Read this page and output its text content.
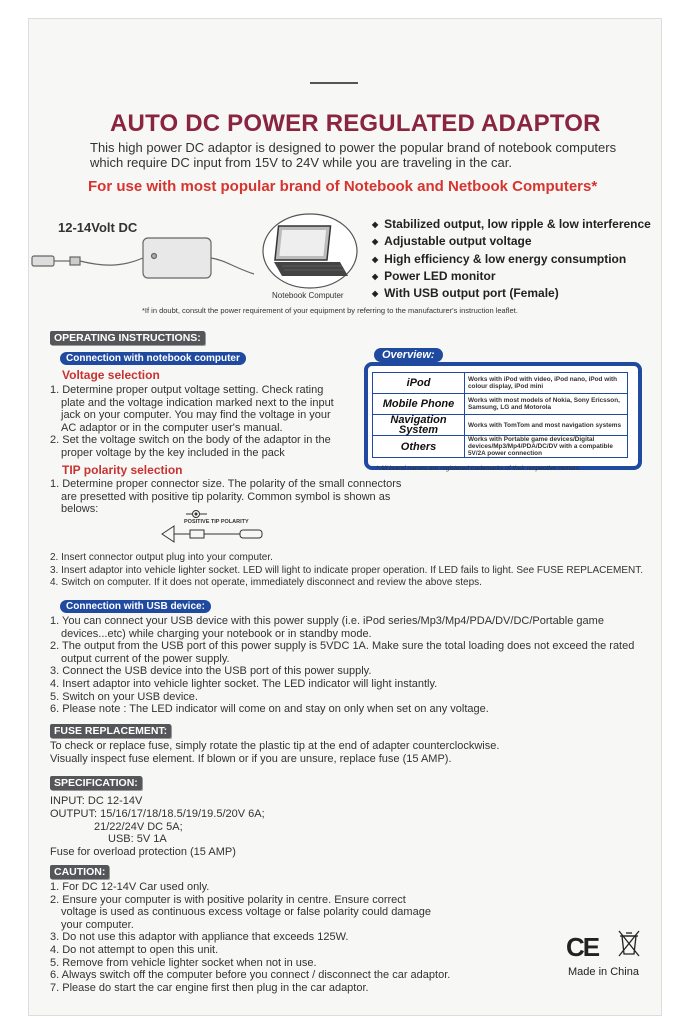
AUTO DC POWER REGULATED ADAPTOR
This high power DC adaptor is designed to power the popular brand of notebook computers which require DC input from 15V to 24V while you are traveling in the car.
For use with most popular brand of Notebook and Netbook Computers*
12-14Volt DC
Notebook Computer
◆ Stabilized output, low ripple & low interference
◆ Adjustable output voltage
◆ High efficiency & low energy consumption
◆ Power LED monitor
◆ With USB output port (Female)
*If in doubt, consult the power requirement of your equipment by referring to the manufacturer's instruction leaflet.
OPERATING INSTRUCTIONS:
Connection with notebook computer
Voltage selection
1. Determine proper output voltage setting. Check rating plate and the voltage indication marked next to the input jack on your computer. You may find the voltage in your AC adaptor or in the computer user's manual.
2. Set the voltage switch on the body of the adaptor in the proper voltage by the key included in the pack
Overview:
iPod	Works with iPod with video, iPod nano, iPod with colour display, iPod mini
Mobile Phone	Works with most models of Nokia, Sony Ericsson, Samsung, LG and Motorola
Navigation System	Works with TomTom and most navigation systems
Others	Works with Portable game devices/Digital devices/Mp3/Mp4/PDA/DC/DV with a compatible 5V/2A power connection
* All brand names are registered trademarks of their respective owners.
TIP polarity selection
1. Determine proper connector size. The polarity of the small connectors are presetted with positive tip polarity. Common symbol is shown as belows:
POSITIVE TIP POLARITY
2. Insert connector output plug into your computer.
3. Insert adaptor into vehicle lighter socket. LED will light to indicate proper operation. If LED fails to light. See FUSE REPLACEMENT.
4. Switch on computer. If it does not operate, immediately disconnect and review the above steps.
Connection with USB device:
1. You can connect your USB device with this power supply (i.e. iPod series/Mp3/Mp4/PDA/DV/DC/Portable game devices...etc) while charging your notebook or in standby mode.
2. The output from the USB port of this power supply is 5VDC 1A. Make sure the total loading does not exceed the rated output current of the power supply.
3. Connect the USB device into the USB port of this power supply.
4. Insert adaptor into vehicle lighter socket. The LED indicator will light instantly.
5. Switch on your USB device.
6. Please note : The LED indicator will come on and stay on only when set on any voltage.
FUSE REPLACEMENT:

To check or replace fuse, simply rotate the plastic tip at the end of adapter counterclockwise.

Visually inspect fuse element. If blown or if you are unsure, replace fuse (15 AMP).

SPECIFICATION:

INPUT: DC 12-14V

OUTPUT: 15/16/17/18/18.5/19/19.5/20V 6A;

21/22/24V DC 5A;

USB: 5V 1A

Fuse for overload protection (15 AMP)

CAUTION:
1. For DC 12-14V Car used only.
2. Ensure your computer is with positive polarity in centre. Ensure correct voltage is used as continuous excess voltage or false polarity could damage your computer.
3. Do not use this adaptor with appliance that exceeds 125W.
4. Do not attempt to open this unit.
5. Remove from vehicle lighter socket when not in use.
6. Always switch off the computer before you connect / disconnect the car adaptor.
7. Please do start the car engine first then plug in the car adaptor.
CE
Made in China
